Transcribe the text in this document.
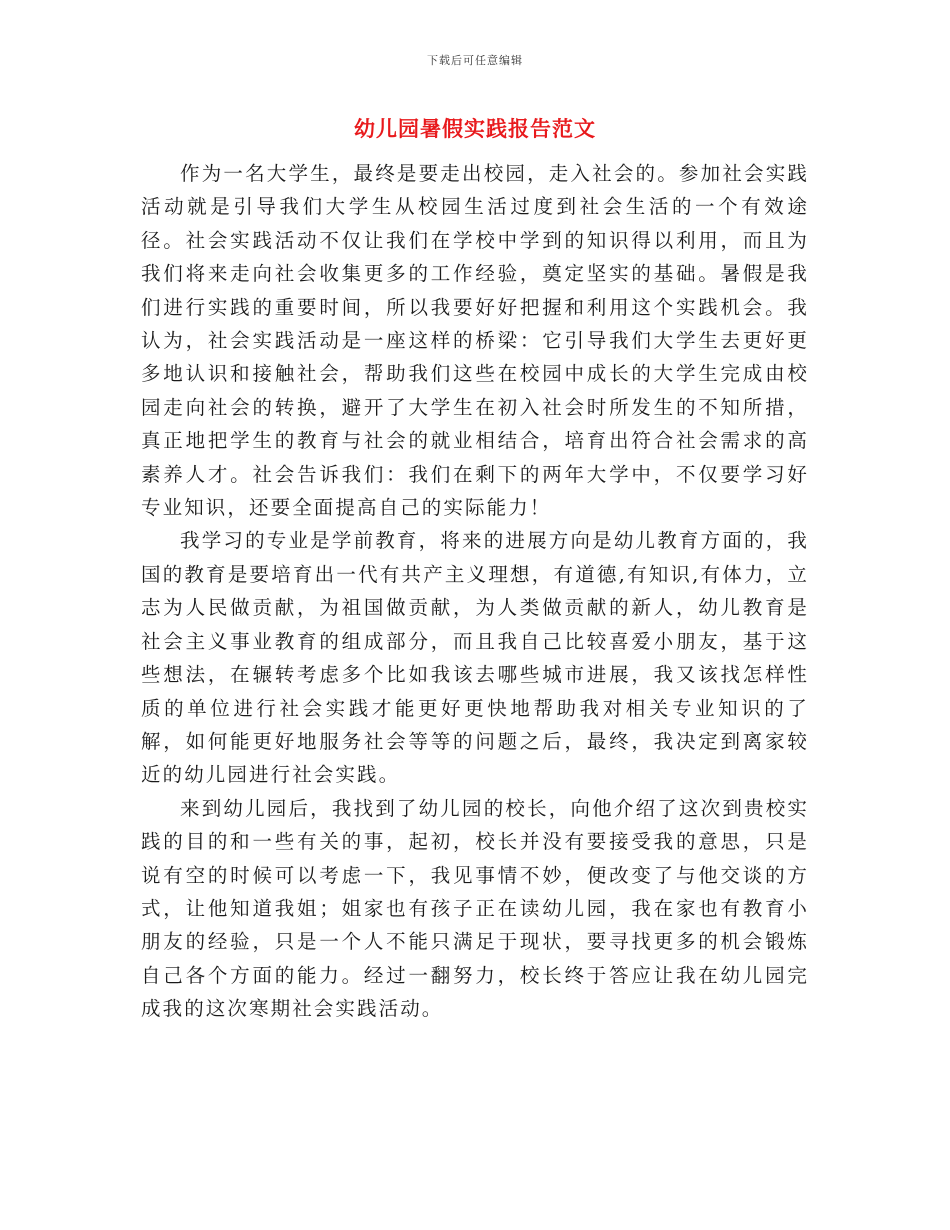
下载后可任意编辑
幼儿园暑假实践报告范文

作为一名大学生，最终是要走出校园，走入社会的。参加社会实践活动就是引导我们大学生从校园生活过度到社会生活的一个有效途径。社会实践活动不仅让我们在学校中学到的知识得以利用，而且为我们将来走向社会收集更多的工作经验，奠定坚实的基础。暑假是我们进行实践的重要时间，所以我要好好把握和利用这个实践机会。我认为，社会实践活动是一座这样的桥梁：它引导我们大学生去更好更多地认识和接触社会，帮助我们这些在校园中成长的大学生完成由校园走向社会的转换，避开了大学生在初入社会时所发生的不知所措，真正地把学生的教育与社会的就业相结合，培育出符合社会需求的高素养人才。社会告诉我们：我们在剩下的两年大学中，不仅要学习好专业知识，还要全面提高自己的实际能力！

我学习的专业是学前教育，将来的进展方向是幼儿教育方面的，我国的教育是要培育出一代有共产主义理想，有道德,有知识,有体力，立志为人民做贡献，为祖国做贡献，为人类做贡献的新人，幼儿教育是社会主义事业教育的组成部分，而且我自己比较喜爱小朋友，基于这些想法，在辗转考虑多个比如我该去哪些城市进展，我又该找怎样性质的单位进行社会实践才能更好更快地帮助我对相关专业知识的了解，如何能更好地服务社会等等的问题之后，最终，我决定到离家较近的幼儿园进行社会实践。

来到幼儿园后，我找到了幼儿园的校长，向他介绍了这次到贵校实践的目的和一些有关的事，起初，校长并没有要接受我的意思，只是说有空的时候可以考虑一下，我见事情不妙，便改变了与他交谈的方式，让他知道我姐；姐家也有孩子正在读幼儿园，我在家也有教育小朋友的经验，只是一个人不能只满足于现状，要寻找更多的机会锻炼自己各个方面的能力。经过一翻努力，校长终于答应让我在幼儿园完成我的这次寒期社会实践活动。
